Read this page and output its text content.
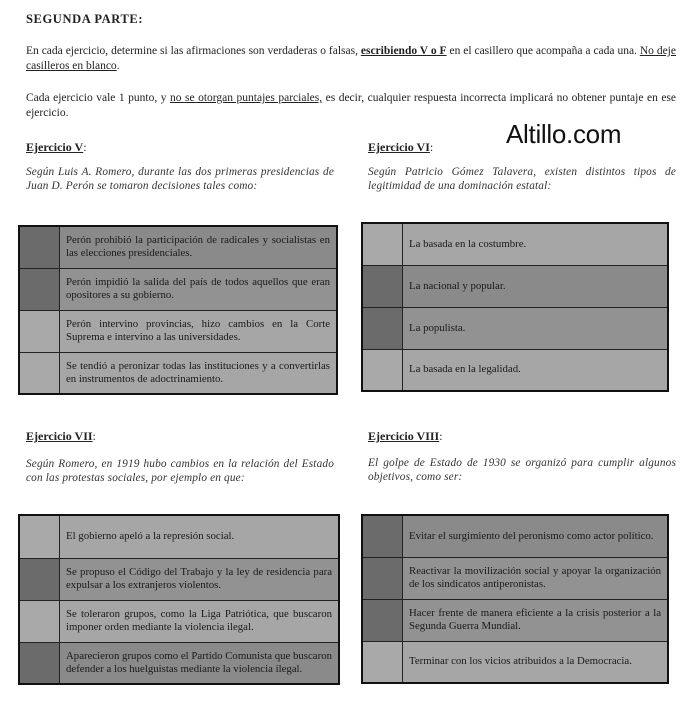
SEGUNDA PARTE:
En cada ejercicio, determine si las afirmaciones son verdaderas o falsas, escribiendo V o F en el casillero que acompaña a cada una. No deje casilleros en blanco.
Cada ejercicio vale 1 punto, y no se otorgan puntajes parciales, es decir, cualquier respuesta incorrecta implicará no obtener puntaje en ese ejercicio.
Altillo.com
Ejercicio V:
Según Luis A. Romero, durante las dos primeras presidencias de Juan D. Perón se tomaron decisiones tales como:
	Perón prohibió la participación de radicales y socialistas en las elecciones presidenciales.
	Perón impidió la salida del país de todos aquellos que eran opositores a su gobierno.
	Perón intervino provincias, hizo cambios en la Corte Suprema e intervino a las universidades.
	Se tendió a peronizar todas las instituciones y a convertirlas en instrumentos de adoctrinamiento.
Ejercicio VI:
Según Patricio Gómez Talavera, existen distintos tipos de legitimidad de una dominación estatal:
	La basada en la costumbre.
	La nacional y popular.
	La populista.
	La basada en la legalidad.
Ejercicio VII:
Según Romero, en 1919 hubo cambios en la relación del Estado con las protestas sociales, por ejemplo en que:
	El gobierno apeló a la represión social.
	Se propuso el Código del Trabajo y la ley de residencia para expulsar a los extranjeros violentos.
	Se toleraron grupos, como la Liga Patriótica, que buscaron imponer orden mediante la violencia ilegal.
	Aparecieron grupos como el Partido Comunista que buscaron defender a los huelguistas mediante la violencia ilegal.
Ejercicio VIII:
El golpe de Estado de 1930 se organizó para cumplir algunos objetivos, como ser:
	Evitar el surgimiento del peronismo como actor político.
	Reactivar la movilización social y apoyar la organización de los sindicatos antiperonistas.
	Hacer frente de manera eficiente a la crisis posterior a la Segunda Guerra Mundial.
	Terminar con los vicios atribuidos a la Democracia.
